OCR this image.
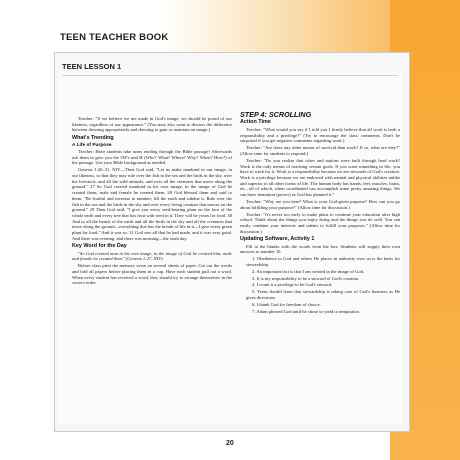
TEEN TEACHER BOOK
TEEN LESSON 1

Teacher: "If we believe we are made in God's image, we should be proud of our likeness, regardless of our appearance." (You may also want to discuss the difference between dressing appropriately and dressing to gain or maintain an image.)

What's Trending
A Life of Purpose

Teacher: Have students take turns reading through the Bible passage! Afterwards ask them to give you the 5W's and H (Who? What? Where? Why? When? How?) of the passage. Use your Bible background as needed.

Genesis 1:26–31, NIV—Then God said, "Let us make mankind in our image, in our likeness, so that they may rule over the fish in the sea and the birds in the sky, over the livestock, and all the wild animals, and over all the creatures that move along the ground." 27 So God created mankind in his own image, in the image of God he created them; male and female he created them. 28 God blessed them and said to them, "Be fruitful and increase in number; fill the earth and subdue it. Rule over the fish in the sea and the birds in the sky and over every living creature that moves on the ground." 29 Then God said, "I give you every seed-bearing plant on the face of the whole earth and every tree that has fruit with seed in it. They will be yours for food. 30 And to all the beasts of the earth and all the birds in the sky and all the creatures that move along the ground—everything that has the breath of life in it—I give every green plant for food." And it was so. 31 God saw all that he had made, and it was very good. And there was evening, and there was morning—the sixth day.

Key Word for the Day

"So God created man in his own image, in the image of God he created him; male and female he created them" (Genesis 1:27, NIV).

Before class print the memory verse on several sheets of paper. Cut out the words and fold all papers before placing them in a cup. Have each student pull out a word. When every student has received a word, they should try to arrange themselves in the correct order.

STEP 4: SCROLLING
Action Time

Teacher: "What would you say if I told you I firmly believe that all work is both a responsibility and a privilege?" (Try to encourage the class' comments. Don't be surprised if you get negative comments regarding work.)

Teacher: "Are there any other means of survival than work? If so, what are they?" (Allow time for students to respond.)

Teacher: "Do you realize that cities and nations were built through hard work? Work is the only means of reaching certain goals. If you want something in life, you have to work for it. Work is a responsibility because we are stewards of God's creation. Work is a privilege because we are endowed with mental and physical abilities unlike and superior to all other forms of life. The human body has hands, feet, muscles, brain, etc., all of which, when coordinated can accomplish some pretty amazing things. We can have dominion (power) as God has planned it."

Teacher: "Why are you here? What is your God-given purpose? How can you go about fulfilling your purpose?" (Allow time for discussion.)

Teacher: "It's never too early to make plans to continue your education after high school. Think about the things you enjoy doing and the things you do well. You can easily combine your interests and talents to fulfill your purposes." (Allow time for discussion.)

Updating Software, Activity 1

Fill in the blanks with the words from the box. Students will supply their own answers to number 10.

1. Obedience to God and others He places in authority over us is the basis for stewardship.

2. An important fact is that I am created in the image of God.

3. It is my responsibility to be a steward of God's creation.

4. I count it a privilege to be God's steward.

5. Teens should learn that stewardship is taking care of God's business as He gives directions.

6. I thank God for freedom of choice.

7. Adam pleased God until he chose to yield to temptation.

20
